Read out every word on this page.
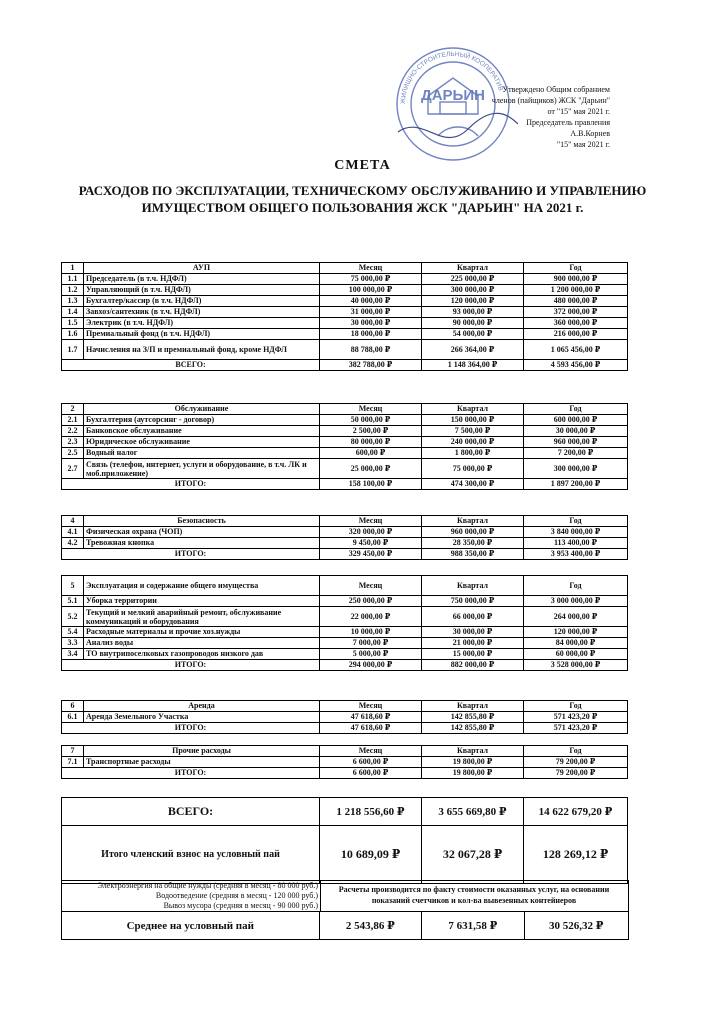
ДАРЬИН
ЖИЛИЩНО-СТРОИТЕЛЬНЫЙ КООПЕРАТИВ
Утверждено Общим собранием
членов (пайщиков) ЖСК "Дарьин"
от "15" мая 2021 г.
Председатель правления
А.В.Корнев
"15" мая 2021 г.
СМЕТА
РАСХОДОВ ПО ЭКСПЛУАТАЦИИ, ТЕХНИЧЕСКОМУ ОБСЛУЖИВАНИЮ И УПРАВЛЕНИЮ ИМУЩЕСТВОМ ОБЩЕГО ПОЛЬЗОВАНИЯ ЖСК "ДАРЬИН" НА 2021 г.
1	АУП	Месяц	Квартал	Год
1.1	Председатель (в т.ч. НДФЛ)	75 000,00 ₽	225 000,00 ₽	900 000,00 ₽
1.2	Управляющий (в т.ч. НДФЛ)	100 000,00 ₽	300 000,00 ₽	1 200 000,00 ₽
1.3	Бухгалтер/кассир (в т.ч. НДФЛ)	40 000,00 ₽	120 000,00 ₽	480 000,00 ₽
1.4	Завхоз/сантехник (в т.ч. НДФЛ)	31 000,00 ₽	93 000,00 ₽	372 000,00 ₽
1.5	Электрик (в т.ч. НДФЛ)	30 000,00 ₽	90 000,00 ₽	360 000,00 ₽
1.6	Премиальный фонд (в т.ч. НДФЛ)	18 000,00 ₽	54 000,00 ₽	216 000,00 ₽
1.7	Начисления на З/П и премиальный фонд, кроме НДФЛ	88 788,00 ₽	266 364,00 ₽	1 065 456,00 ₽
ВСЕГО:		382 788,00 ₽	1 148 364,00 ₽	4 593 456,00 ₽
2	Обслуживание	Месяц	Квартал	Год
2.1	Бухгалтерия (аутсорсинг - договор)	50 000,00 ₽	150 000,00 ₽	600 000,00 ₽
2.2	Банковское обслуживание	2 500,00 ₽	7 500,00 ₽	30 000,00 ₽
2.3	Юридическое обслуживание	80 000,00 ₽	240 000,00 ₽	960 000,00 ₽
2.5	Водный налог	600,00 ₽	1 800,00 ₽	7 200,00 ₽
2.7	Связь (телефон, интернет, услуги и оборудование, в т.ч. ЛК и моб.приложение)	25 000,00 ₽	75 000,00 ₽	300 000,00 ₽
ИТОГО:		158 100,00 ₽	474 300,00 ₽	1 897 200,00 ₽
4	Безопасность	Месяц	Квартал	Год
4.1	Физическая охрана (ЧОП)	320 000,00 ₽	960 000,00 ₽	3 840 000,00 ₽
4.2	Тревожная кнопка	9 450,00 ₽	28 350,00 ₽	113 400,00 ₽
ИТОГО:		329 450,00 ₽	988 350,00 ₽	3 953 400,00 ₽
5	Эксплуатация и содержание общего имущества	Месяц	Квартал	Год
5.1	Уборка территории	250 000,00 ₽	750 000,00 ₽	3 000 000,00 ₽
5.2	Текущий и мелкий аварийный ремонт, обслуживание коммуникаций и оборудования	22 000,00 ₽	66 000,00 ₽	264 000,00 ₽
5.4	Расходные материалы и прочие хоз.нужды	10 000,00 ₽	30 000,00 ₽	120 000,00 ₽
3.3	Анализ воды	7 000,00 ₽	21 000,00 ₽	84 000,00 ₽
3.4	ТО внутрипоселковых газопроводов низкого дав	5 000,00 ₽	15 000,00 ₽	60 000,00 ₽
ИТОГО:		294 000,00 ₽	882 000,00 ₽	3 528 000,00 ₽
6	Аренда	Месяц	Квартал	Год
6.1	Аренда Земельного Участка	47 618,60 ₽	142 855,80 ₽	571 423,20 ₽
ИТОГО:		47 618,60 ₽	142 855,80 ₽	571 423,20 ₽
7	Прочие расходы	Месяц	Квартал	Год
7.1	Транспортные расходы	6 600,00 ₽	19 800,00 ₽	79 200,00 ₽
ИТОГО:		6 600,00 ₽	19 800,00 ₽	79 200,00 ₽
ВСЕГО:	1 218 556,60 ₽	3 655 669,80 ₽	14 622 679,20 ₽
Итого членский взнос на условный пай	10 689,09 ₽	32 067,28 ₽	128 269,12 ₽
Электроэнергия на общие нужды (средняя в месяц - 80 000 руб.)
Водоотведение (средняя в месяц - 120 000 руб.)
Вывоз мусора (средняя в месяц - 90 000 руб.)
Расчеты производится по факту стоимости оказанных услуг, на основании показаний счетчиков и кол-ва вывезенных контейнеров
Среднее на условный пай	2 543,86 ₽	7 631,58 ₽	30 526,32 ₽
